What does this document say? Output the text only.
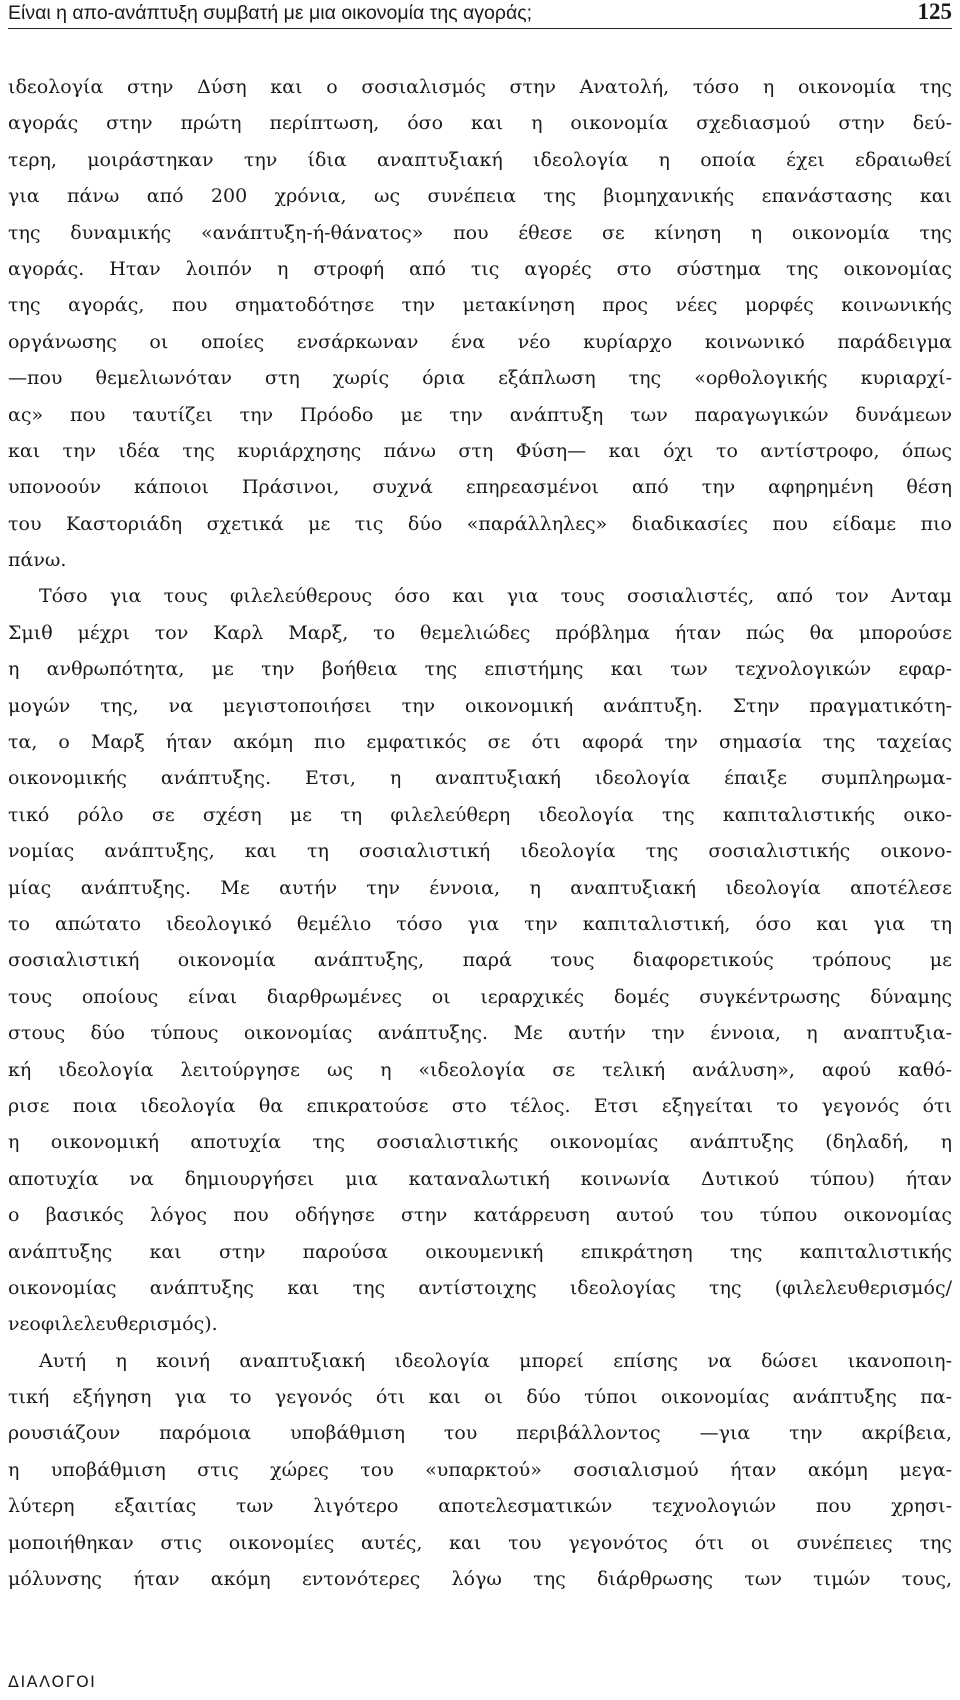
Είναι η απο-ανάπτυξη συμβατή με μια οικονομία της αγοράς;	125
ιδεολογία στην Δύση και ο σοσιαλισμός στην Ανατολή, τόσο η οικονομία της
αγοράς στην πρώτη περίπτωση, όσο και η οικονομία σχεδιασμού στην δεύ-
τερη, μοιράστηκαν την ίδια αναπτυξιακή ιδεολογία η οποία έχει εδραιωθεί
για πάνω από 200 χρόνια, ως συνέπεια της βιομηχανικής επανάστασης και
της δυναμικής «ανάπτυξη-ή-θάνατος» που έθεσε σε κίνηση η οικονομία της
αγοράς. Ηταν λοιπόν η στροφή από τις αγορές στο σύστημα της οικονομίας
της αγοράς, που σηματοδότησε την μετακίνηση προς νέες μορφές κοινωνικής
οργάνωσης οι οποίες ενσάρκωναν ένα νέο κυρίαρχο κοινωνικό παράδειγμα
—που θεμελιωνόταν στη χωρίς όρια εξάπλωση της «ορθολογικής κυριαρχί-
ας» που ταυτίζει την Πρόοδο με την ανάπτυξη των παραγωγικών δυνάμεων
και την ιδέα της κυριάρχησης πάνω στη Φύση— και όχι το αντίστροφο, όπως
υπονοούν κάποιοι Πράσινοι, συχνά επηρεασμένοι από την αφηρημένη θέση
του Καστοριάδη σχετικά με τις δύο «παράλληλες» διαδικασίες που είδαμε πιο
πάνω.
Τόσο για τους φιλελεύθερους όσο και για τους σοσιαλιστές, από τον Ανταμ
Σμιθ μέχρι τον Καρλ Μαρξ, το θεμελιώδες πρόβλημα ήταν πώς θα μπορούσε
η ανθρωπότητα, με την βοήθεια της επιστήμης και των τεχνολογικών εφαρ-
μογών της, να μεγιστοποιήσει την οικονομική ανάπτυξη. Στην πραγματικότη-
τα, ο Μαρξ ήταν ακόμη πιο εμφατικός σε ότι αφορά την σημασία της ταχείας
οικονομικής ανάπτυξης. Ετσι, η αναπτυξιακή ιδεολογία έπαιξε συμπληρωμα-
τικό ρόλο σε σχέση με τη φιλελεύθερη ιδεολογία της καπιταλιστικής οικο-
νομίας ανάπτυξης, και τη σοσιαλιστική ιδεολογία της σοσιαλιστικής οικονο-
μίας ανάπτυξης. Με αυτήν την έννοια, η αναπτυξιακή ιδεολογία αποτέλεσε
το απώτατο ιδεολογικό θεμέλιο τόσο για την καπιταλιστική, όσο και για τη
σοσιαλιστική οικονομία ανάπτυξης, παρά τους διαφορετικούς τρόπους με
τους οποίους είναι διαρθρωμένες οι ιεραρχικές δομές συγκέντρωσης δύναμης
στους δύο τύπους οικονομίας ανάπτυξης. Με αυτήν την έννοια, η αναπτυξια-
κή ιδεολογία λειτούργησε ως η «ιδεολογία σε τελική ανάλυση», αφού καθό-
ρισε ποια ιδεολογία θα επικρατούσε στο τέλος. Ετσι εξηγείται το γεγονός ότι
η οικονομική αποτυχία της σοσιαλιστικής οικονομίας ανάπτυξης (δηλαδή, η
αποτυχία να δημιουργήσει μια καταναλωτική κοινωνία Δυτικού τύπου) ήταν
ο βασικός λόγος που οδήγησε στην κατάρρευση αυτού του τύπου οικονομίας
ανάπτυξης και στην παρούσα οικουμενική επικράτηση της καπιταλιστικής
οικονομίας ανάπτυξης και της αντίστοιχης ιδεολογίας της (φιλελευθερισμός/
νεοφιλελευθερισμός).
Αυτή η κοινή αναπτυξιακή ιδεολογία μπορεί επίσης να δώσει ικανοποιη-
τική εξήγηση για το γεγονός ότι και οι δύο τύποι οικονομίας ανάπτυξης πα-
ρουσιάζουν παρόμοια υποβάθμιση του περιβάλλοντος —για την ακρίβεια,
η υποβάθμιση στις χώρες του «υπαρκτού» σοσιαλισμού ήταν ακόμη μεγα-
λύτερη εξαιτίας των λιγότερο αποτελεσματικών τεχνολογιών που χρησι-
μοποιήθηκαν στις οικονομίες αυτές, και του γεγονότος ότι οι συνέπειες της
μόλυνσης ήταν ακόμη εντονότερες λόγω της διάρθρωσης των τιμών τους,
ΔΙΑΛΟΓΟΙ
